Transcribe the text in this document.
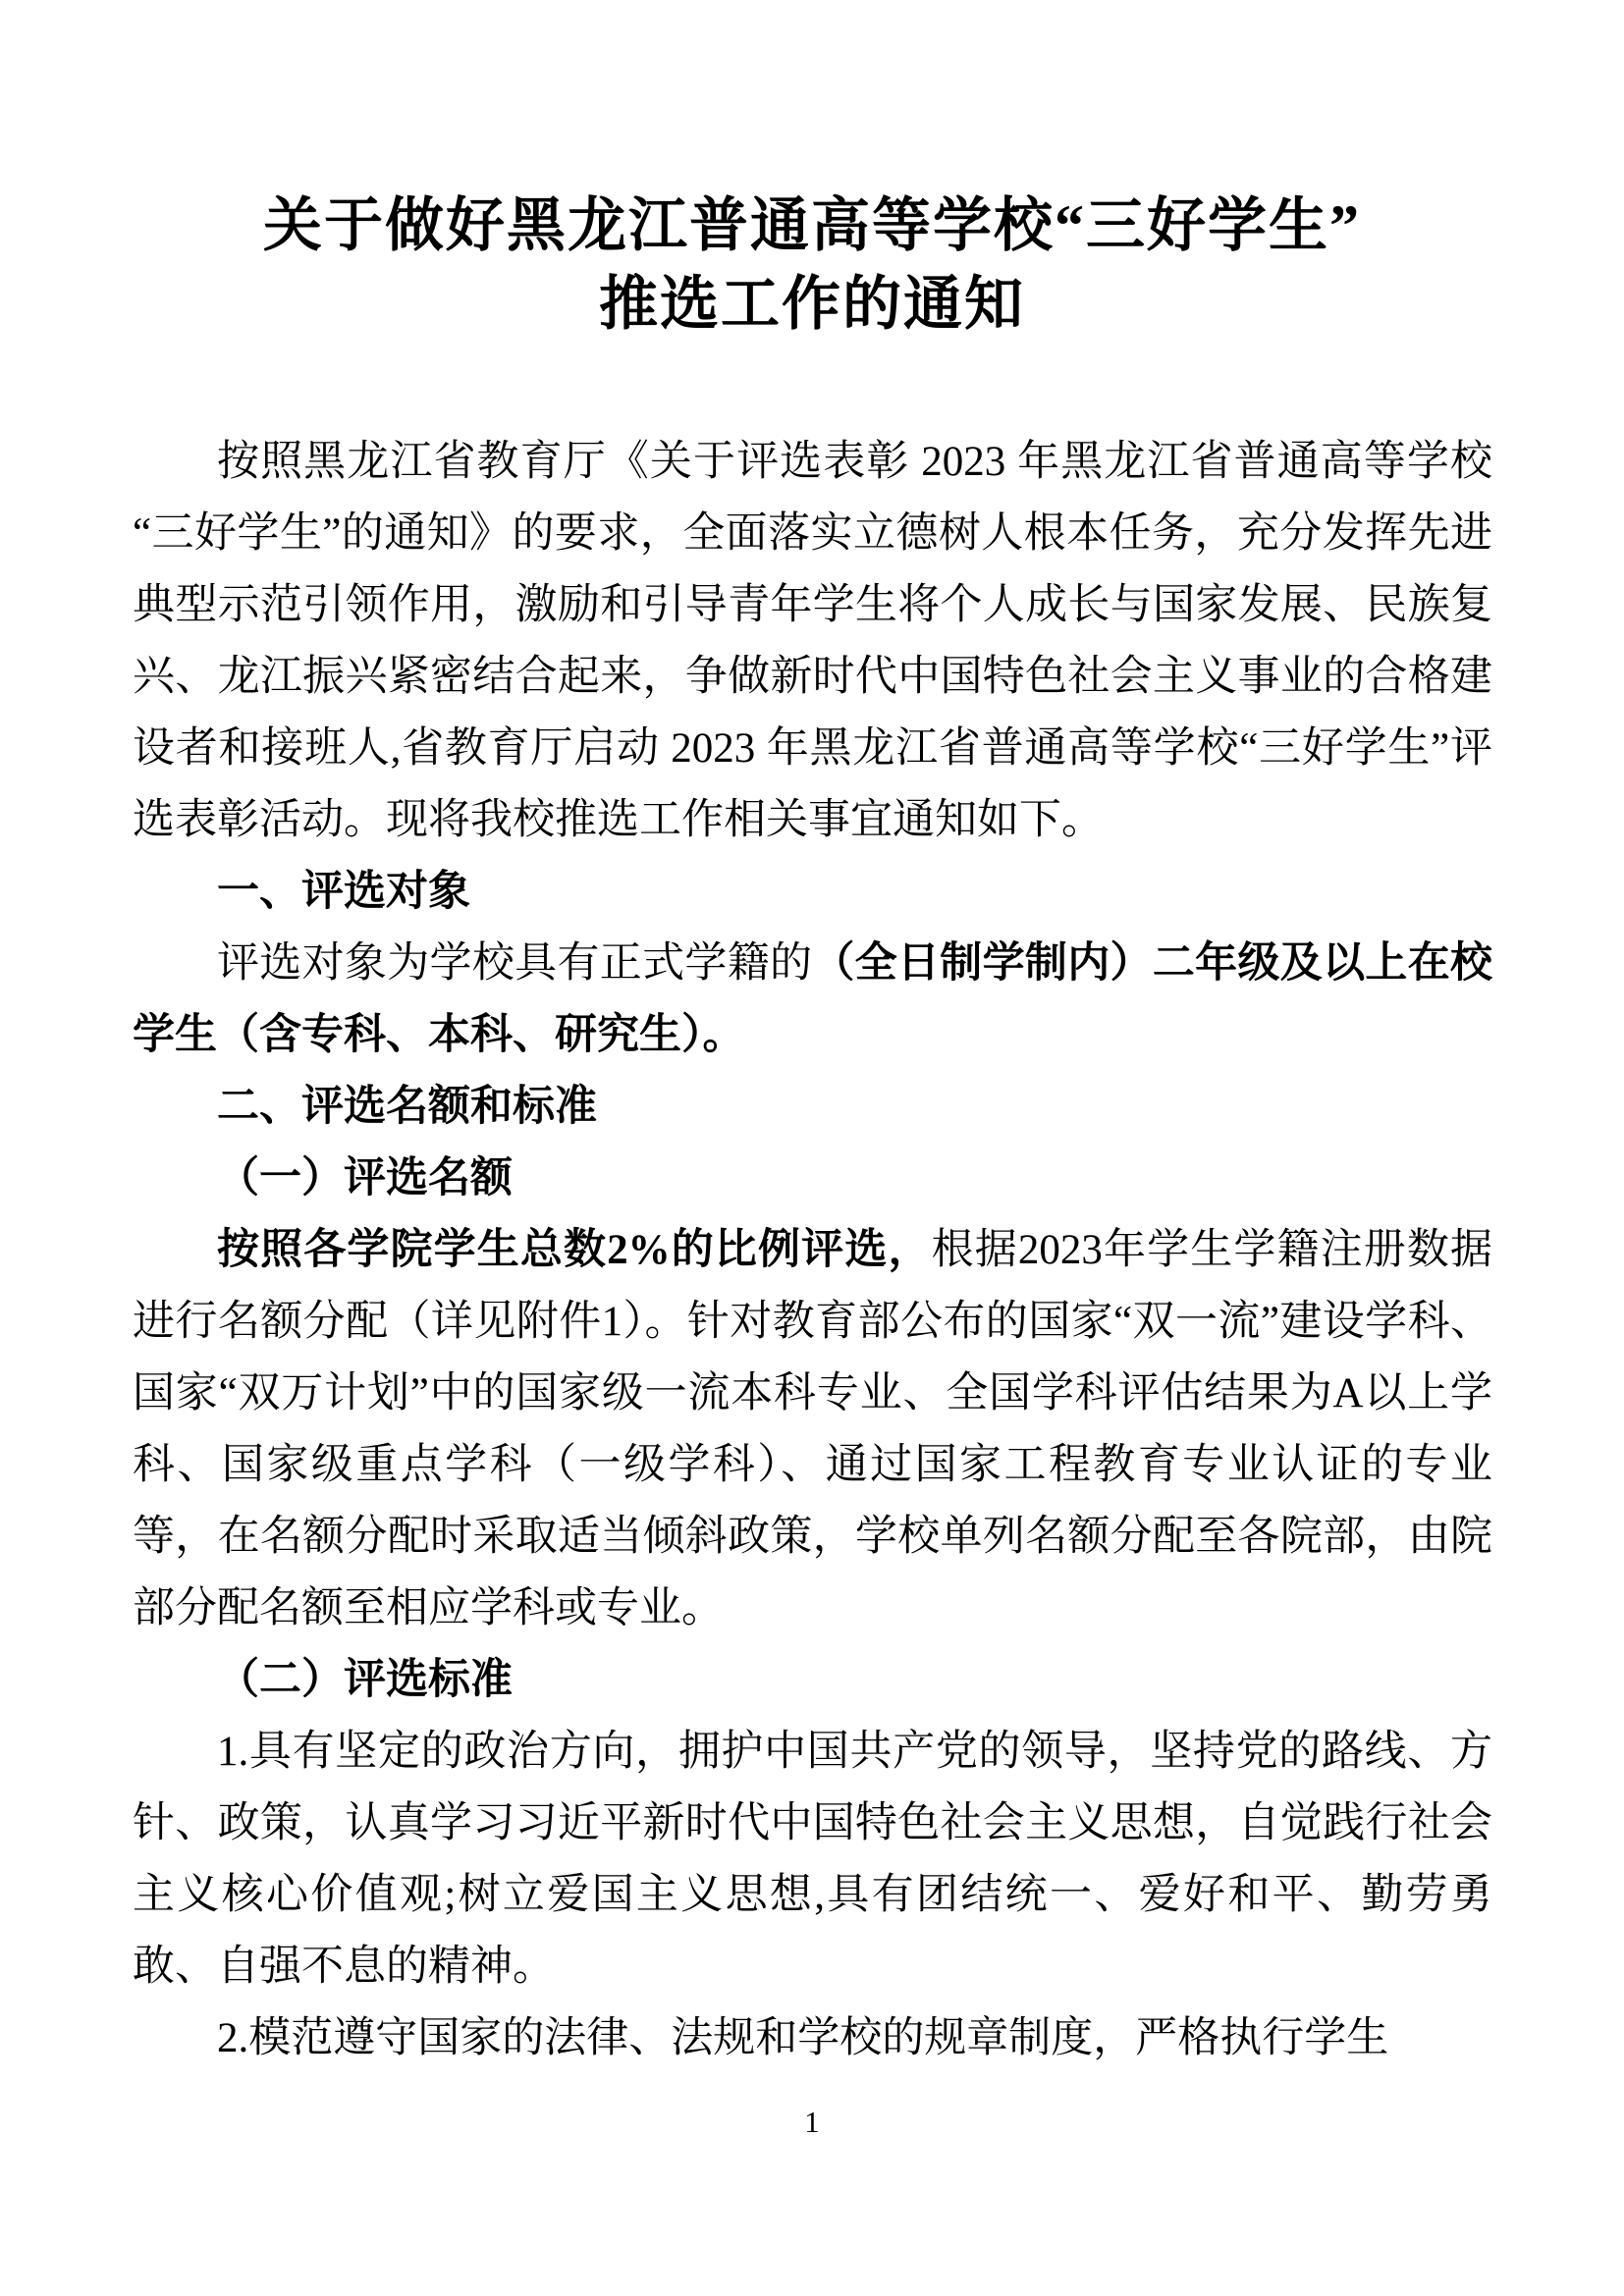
关于做好黑龙江普通高等学校“三好学生”
推选工作的通知

按照黑龙江省教育厅《关于评选表彰 2023 年黑龙江省普通高等学校“三好学生”的通知》的要求，全面落实立德树人根本任务，充分发挥先进典型示范引领作用，激励和引导青年学生将个人成长与国家发展、民族复兴、龙江振兴紧密结合起来，争做新时代中国特色社会主义事业的合格建设者和接班人,省教育厅启动 2023 年黑龙江省普通高等学校“三好学生”评选表彰活动。现将我校推选工作相关事宜通知如下。

一、评选对象

评选对象为学校具有正式学籍的（全日制学制内）二年级及以上在校学生（含专科、本科、研究生）。

二、评选名额和标准

（一）评选名额

按照各学院学生总数2%的比例评选，根据2023年学生学籍注册数据进行名额分配（详见附件1）。针对教育部公布的国家“双一流”建设学科、国家“双万计划”中的国家级一流本科专业、全国学科评估结果为A以上学科、国家级重点学科（一级学科）、通过国家工程教育专业认证的专业等，在名额分配时采取适当倾斜政策，学校单列名额分配至各院部，由院部分配名额至相应学科或专业。

（二）评选标准

1.具有坚定的政治方向，拥护中国共产党的领导，坚持党的路线、方针、政策，认真学习习近平新时代中国特色社会主义思想，自觉践行社会主义核心价值观;树立爱国主义思想,具有团结统一、爱好和平、勤劳勇敢、自强不息的精神。

2.模范遵守国家的法律、法规和学校的规章制度，严格执行学生

1
